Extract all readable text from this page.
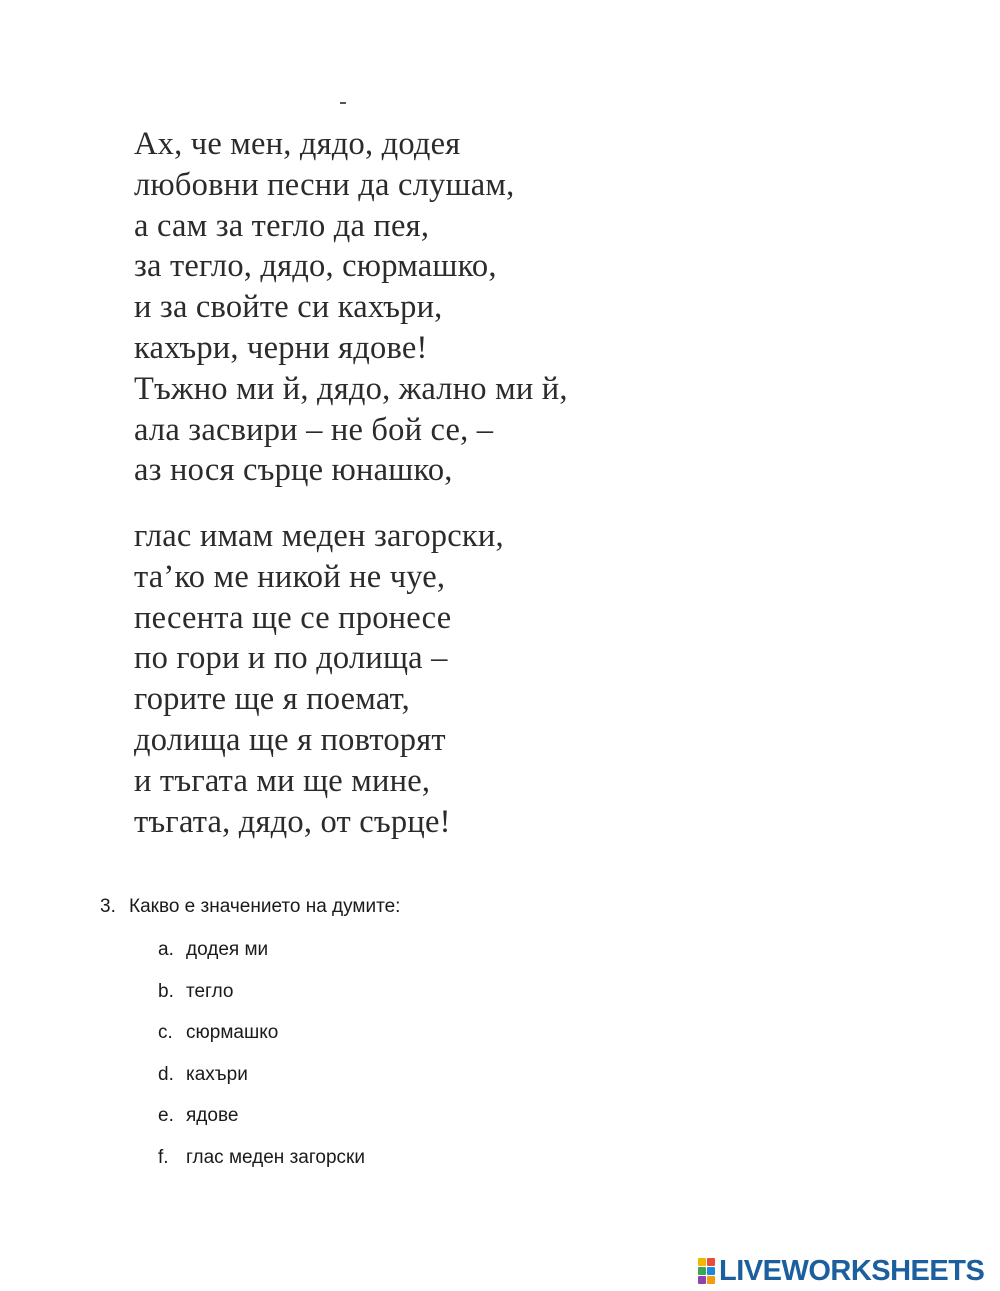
Ах, че мен, дядо, додея
любовни песни да слушам,
а сам за тегло да пея,
за тегло, дядо, сюрмашко,
и за свойте си кахъри,
кахъри, черни ядове!
Тъжно ми й, дядо, жално ми й,
ала засвири – не бой се, –
аз нося сърце юнашко,
глас имам меден загорски,
та’ко ме никой не чуе,
песента ще се пронесе
по гори и по долища –
горите ще я поемат,
долища ще я повторят
и тъгата ми ще мине,
тъгата, дядо, от сърце!
3. Какво е значението на думите:
a. додея ми
b. тегло
c. сюрмашко
d. кахъри
e. ядове
f. глас меден загорски
LIVEWORKSHEETS
